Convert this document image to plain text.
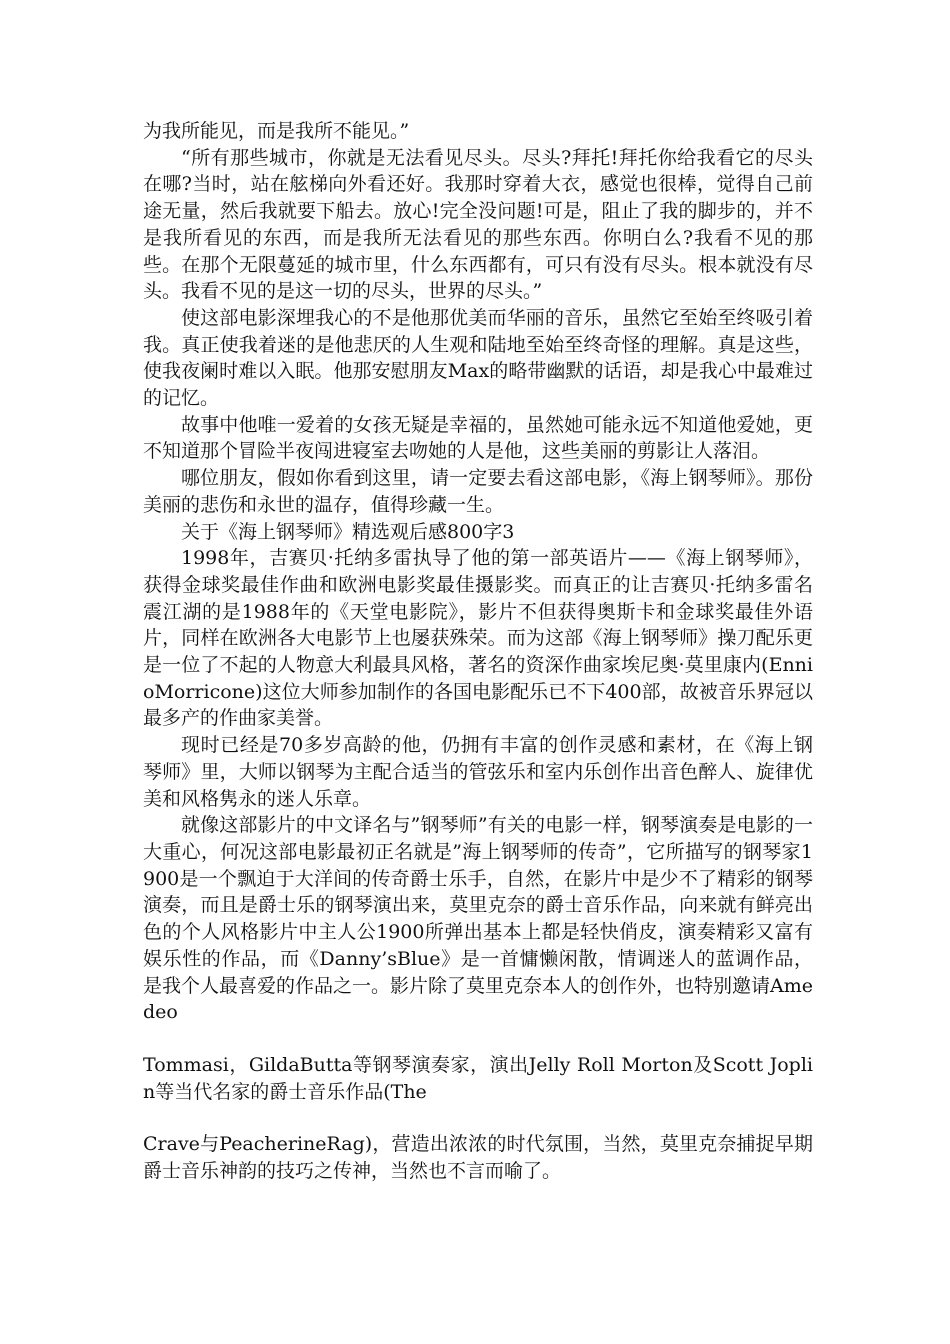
为我所能见，而是我所不能见。”

“所有那些城市，你就是无法看见尽头。尽头?拜托!拜托你给我看它的尽头在哪?当时，站在舷梯向外看还好。我那时穿着大衣，感觉也很棒，觉得自己前途无量，然后我就要下船去。放心!完全没问题!可是，阻止了我的脚步的，并不是我所看见的东西，而是我所无法看见的那些东西。你明白么?我看不见的那些。在那个无限蔓延的城市里，什么东西都有，可只有没有尽头。根本就没有尽头。我看不见的是这一切的尽头，世界的尽头。”

使这部电影深埋我心的不是他那优美而华丽的音乐，虽然它至始至终吸引着我。真正使我着迷的是他悲厌的人生观和陆地至始至终奇怪的理解。真是这些，使我夜阑时难以入眠。他那安慰朋友Max的略带幽默的话语，却是我心中最难过的记忆。

故事中他唯一爱着的女孩无疑是幸福的，虽然她可能永远不知道他爱她，更不知道那个冒险半夜闯进寝室去吻她的人是他，这些美丽的剪影让人落泪。

哪位朋友，假如你看到这里，请一定要去看这部电影，《海上钢琴师》。那份美丽的悲伤和永世的温存，值得珍藏一生。

关于《海上钢琴师》精选观后感800字3

1998年，吉赛贝·托纳多雷执导了他的第一部英语片——《海上钢琴师》，获得金球奖最佳作曲和欧洲电影奖最佳摄影奖。而真正的让吉赛贝·托纳多雷名震江湖的是1988年的《天堂电影院》，影片不但获得奥斯卡和金球奖最佳外语片，同样在欧洲各大电影节上也屡获殊荣。而为这部《海上钢琴师》操刀配乐更是一位了不起的人物意大利最具风格，著名的资深作曲家埃尼奥·莫里康内(EnnioMorricone)这位大师参加制作的各国电影配乐已不下400部，故被音乐界冠以最多产的作曲家美誉。

现时已经是70多岁高龄的他，仍拥有丰富的创作灵感和素材，在《海上钢琴师》里，大师以钢琴为主配合适当的管弦乐和室内乐创作出音色醉人、旋律优美和风格隽永的迷人乐章。

就像这部影片的中文译名与”钢琴师”有关的电影一样，钢琴演奏是电影的一大重心，何况这部电影最初正名就是”海上钢琴师的传奇”，它所描写的钢琴家1900是一个飘迫于大洋间的传奇爵士乐手，自然，在影片中是少不了精彩的钢琴演奏，而且是爵士乐的钢琴演出来，莫里克奈的爵士音乐作品，向来就有鲜亮出色的个人风格影片中主人公1900所弹出基本上都是轻快俏皮，演奏精彩又富有娱乐性的作品，而《Danny’sBlue》是一首慵懒闲散，情调迷人的蓝调作品，是我个人最喜爱的作品之一。影片除了莫里克奈本人的创作外，也特别邀请Amedeo

Tommasi，GildaButta等钢琴演奏家，演出Jelly Roll Morton及Scott Joplin等当代名家的爵士音乐作品(The

Crave与PeacherineRag)，营造出浓浓的时代氛围，当然，莫里克奈捕捉早期爵士音乐神韵的技巧之传神，当然也不言而喻了。
